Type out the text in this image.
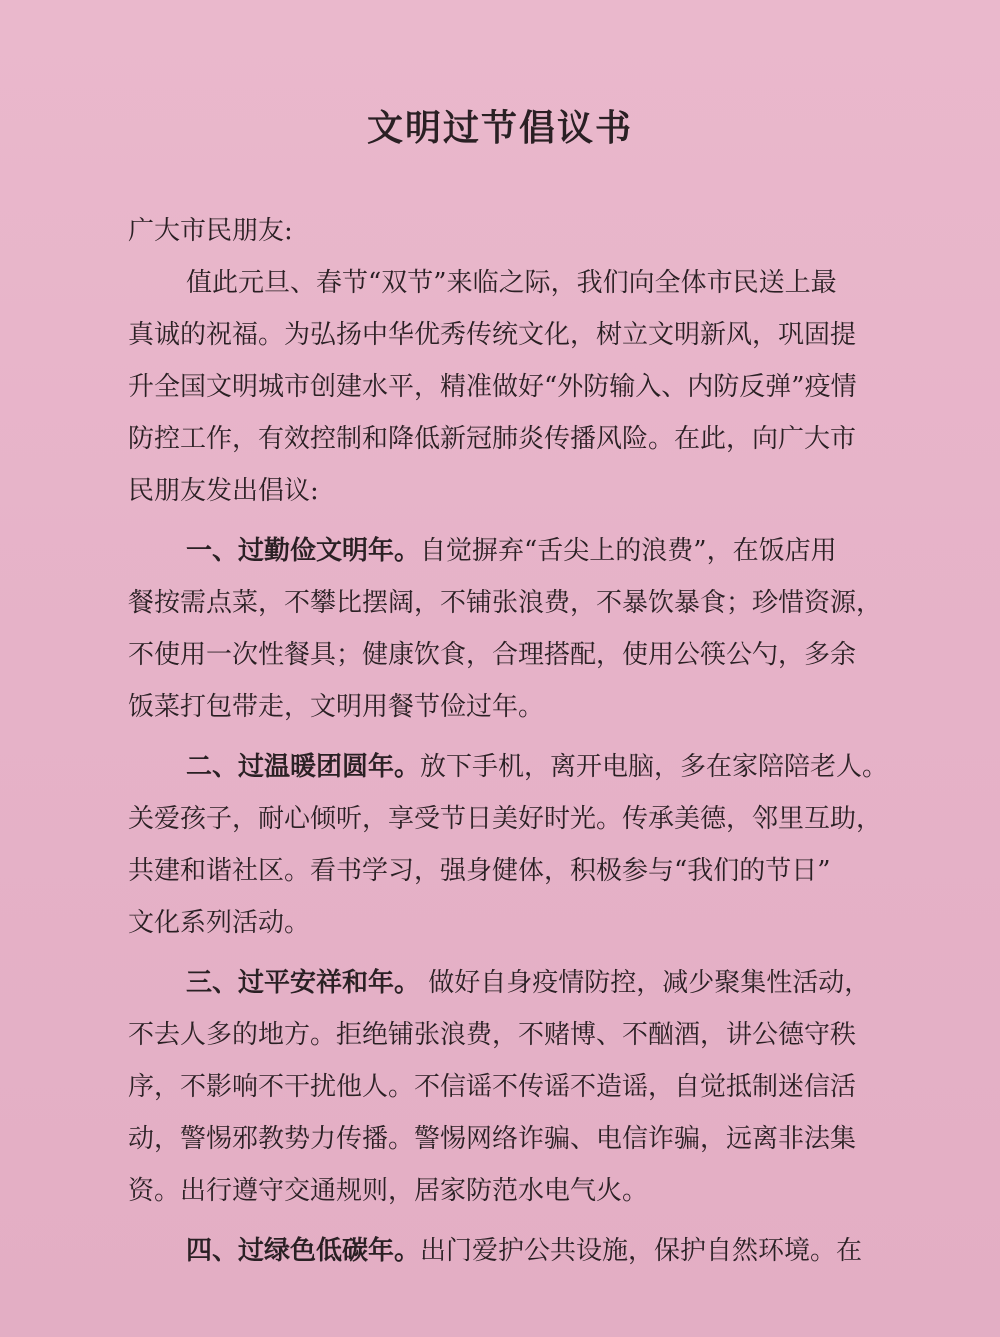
文明过节倡议书
广大市民朋友:
值此元旦、春节“双节”来临之际，我们向全体市民送上最
真诚的祝福。为弘扬中华优秀传统文化，树立文明新风，巩固提
升全国文明城市创建水平，精准做好“外防输入、内防反弹”疫情
防控工作，有效控制和降低新冠肺炎传播风险。在此，向广大市
民朋友发出倡议:
一、过勤俭文明年。自觉摒弃“舌尖上的浪费”，在饭店用
餐按需点菜，不攀比摆阔，不铺张浪费，不暴饮暴食；珍惜资源，
不使用一次性餐具；健康饮食，合理搭配，使用公筷公勺，多余
饭菜打包带走，文明用餐节俭过年。
二、过温暖团圆年。放下手机，离开电脑，多在家陪陪老人。
关爱孩子，耐心倾听，享受节日美好时光。传承美德，邻里互助，
共建和谐社区。看书学习，强身健体，积极参与“我们的节日”
文化系列活动。
三、过平安祥和年。 做好自身疫情防控，减少聚集性活动，
不去人多的地方。拒绝铺张浪费，不赌博、不酗酒，讲公德守秩
序，不影响不干扰他人。不信谣不传谣不造谣，自觉抵制迷信活
动，警惕邪教势力传播。警惕网络诈骗、电信诈骗，远离非法集
资。出行遵守交通规则，居家防范水电气火。
四、过绿色低碳年。出门爱护公共设施，保护自然环境。在
